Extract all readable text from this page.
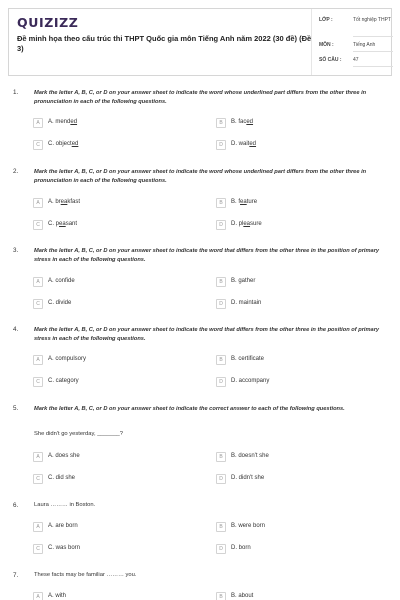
QUIZIZZ
Đề minh họa theo cấu trúc thi THPT Quốc gia môn Tiếng Anh năm 2022 (30 đề) (Đề 3)
LỚP :	Tốt nghiệp THPT
MÔN :	Tiếng Anh
SỐ CÂU : 47
1.	Mark the letter A, B, C, or D on your answer sheet to indicate the word whose underlined part differs from the other three in pronunciation in each of the following questions.
A	A. mended	B	B. faced
C	C. objected	D	D. waited
2.	Mark the letter A, B, C, or D on your answer sheet to indicate the word whose underlined part differs from the other three in pronunciation in each of the following questions.
A	A. breakfast	B	B. feature
C	C. peasant	D	D. pleasure
3.	Mark the letter A, B, C, or D on your answer sheet to indicate the word that differs from the other three in the position of primary stress in each of the following questions.
A	A. confide	B	B. gather
C	C. divide	D	D. maintain
4.	Mark the letter A, B, C, or D on your answer sheet to indicate the word that differs from the other three in the position of primary stress in each of the following questions.
A	A. compulsory	B	B. certificate
C	C. category	D	D. accompany
5.	Mark the letter A, B, C, or D on your answer sheet to indicate the correct answer to each of the following questions.
She didn't go yesterday, _______?
A	A. does she	B	B. doesn't she
C	C. did she	D	D. didn't she
6.	Laura ……… in Boston.
A	A. are born	B	B. were born
C	C. was born	D	D. born
7.	These facts may be familiar ……… you.
A	A. with	B	B. about
